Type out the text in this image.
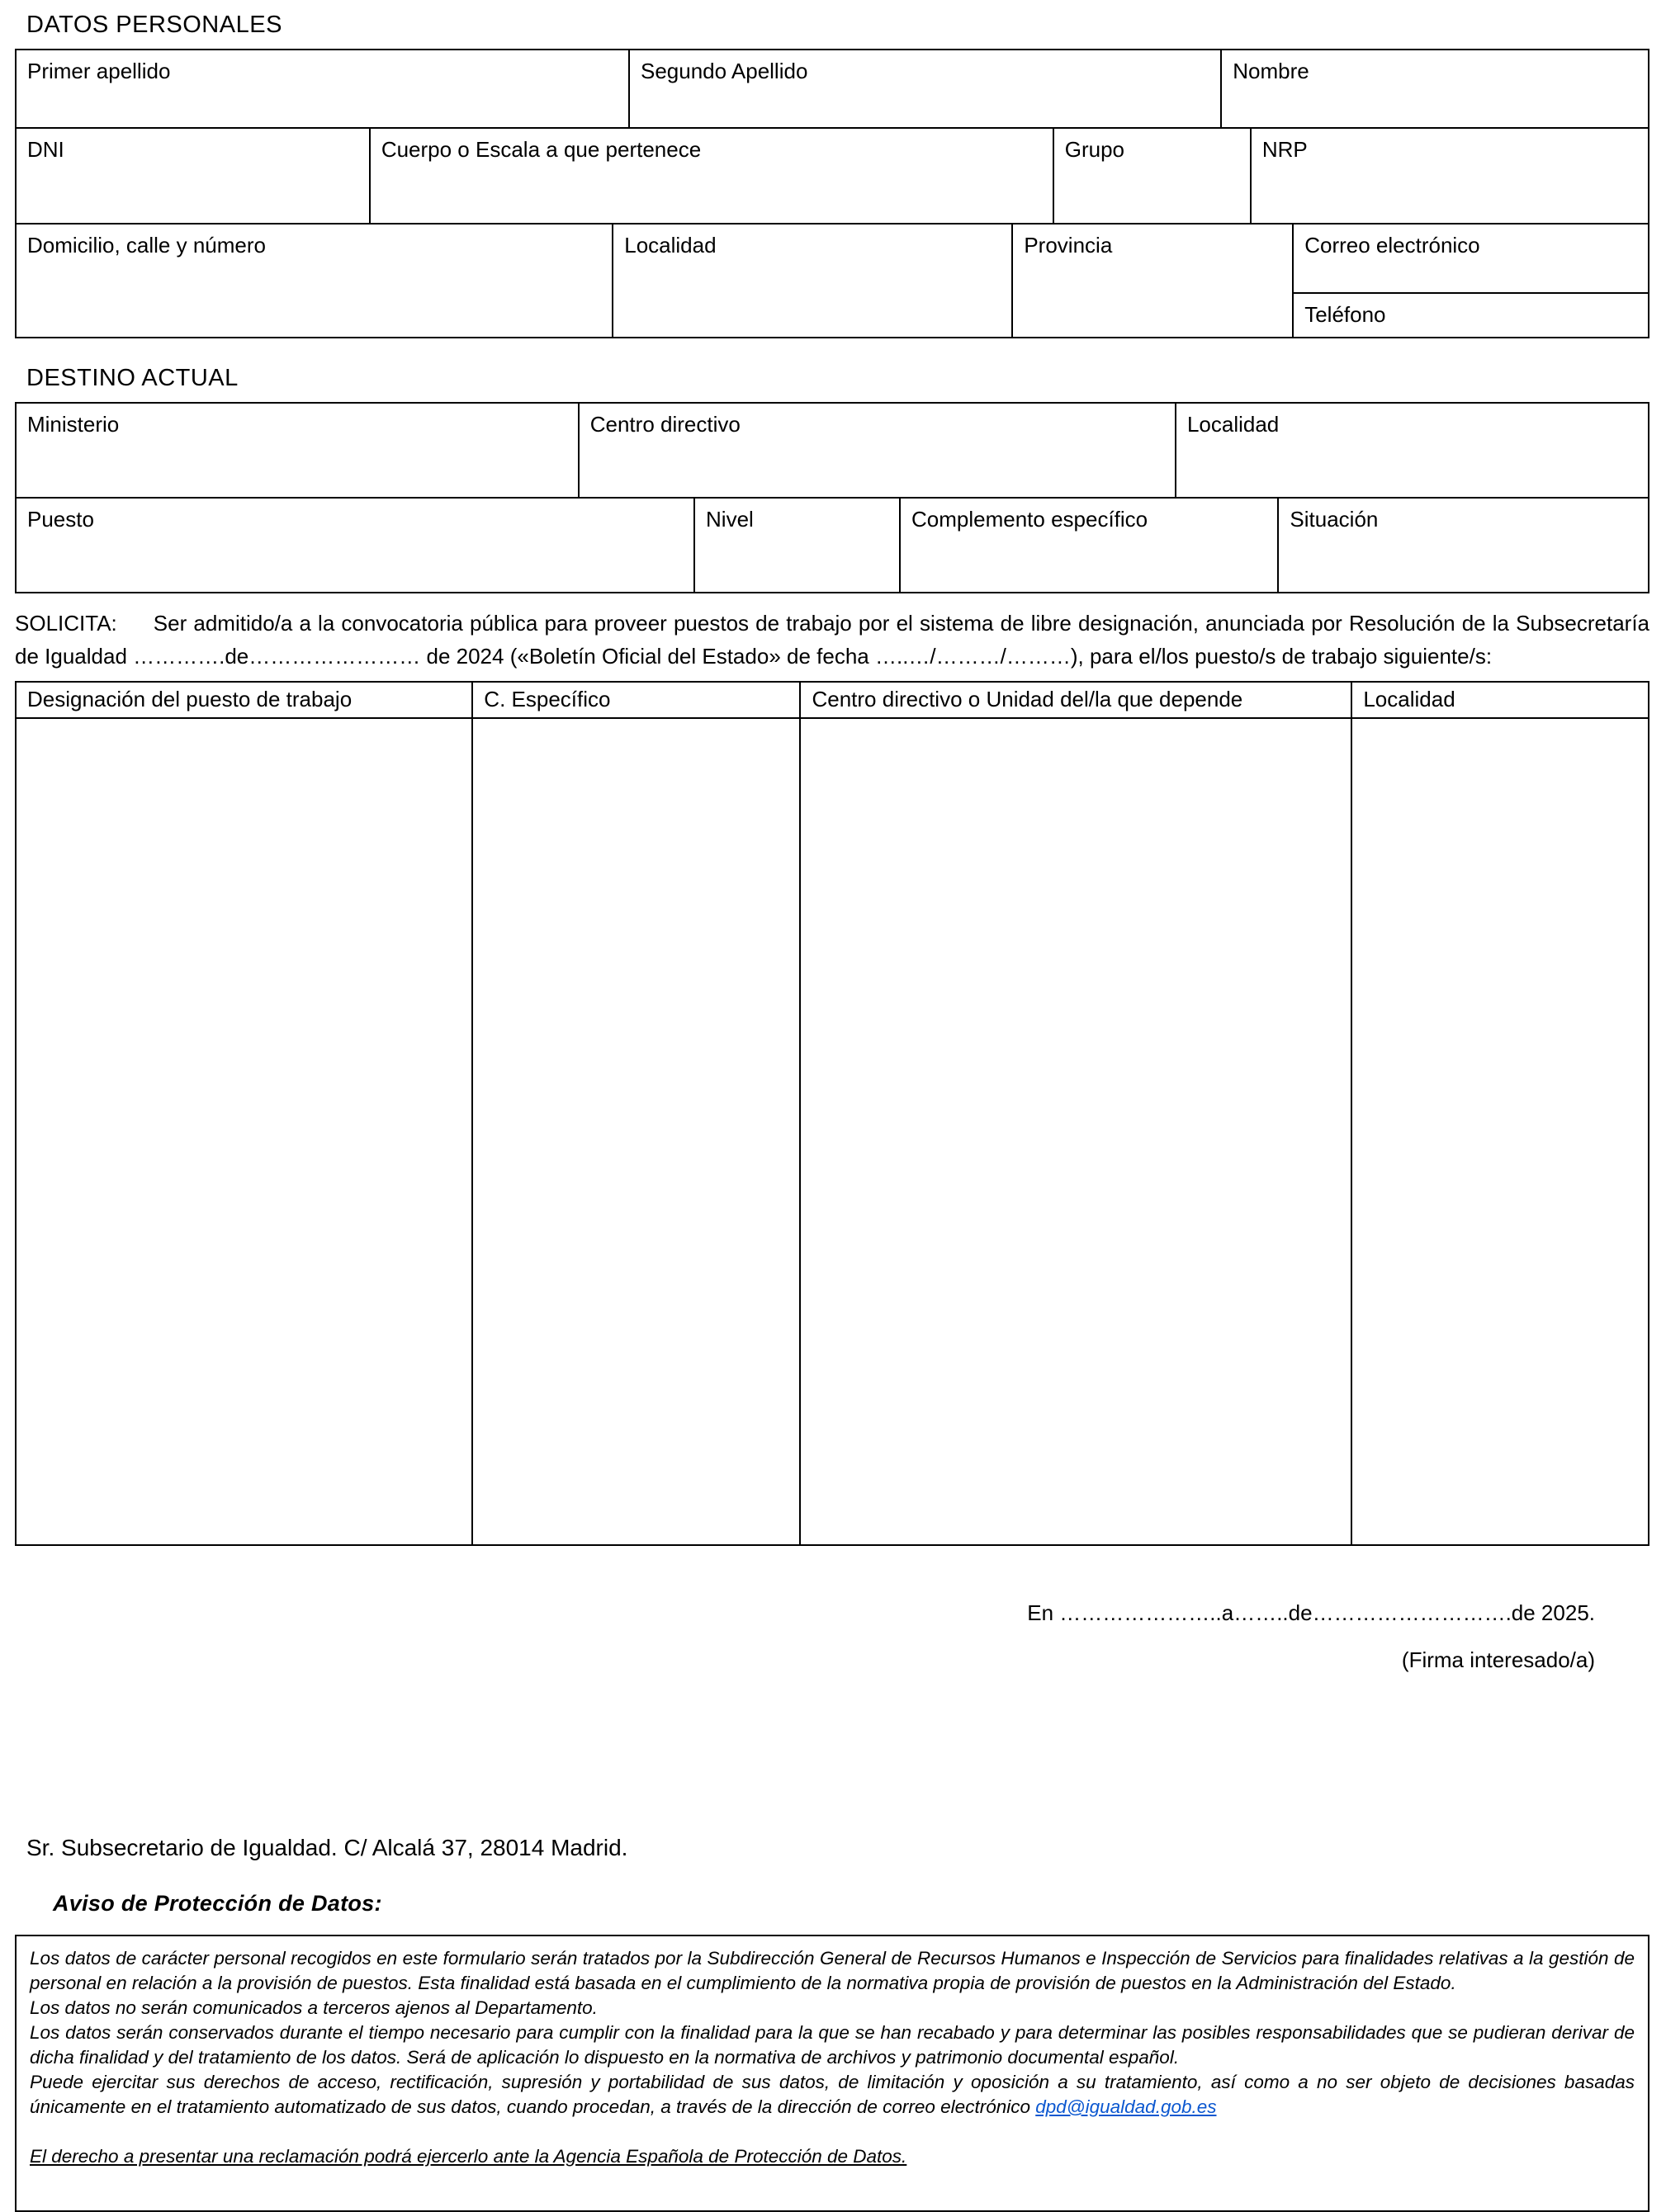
DATOS PERSONALES
Primer apellido	Segundo Apellido	Nombre
DNI	Cuerpo o Escala a que pertenece	Grupo	NRP
Domicilio, calle y número	Localidad	Provincia	Correo electrónico
Teléfono
DESTINO ACTUAL
Ministerio	Centro directivo	Localidad
Puesto	Nivel	Complemento específico	Situación

SOLICITA: Ser admitido/a a la convocatoria pública para proveer puestos de trabajo por el sistema de libre designación, anunciada por Resolución de la Subsecretaría de Igualdad ………….de…………………… de 2024 («Boletín Oficial del Estado» de fecha …..…/………/………), para el/los puesto/s de trabajo siguiente/s:

Designación del puesto de trabajo	C. Específico	Centro directivo o Unidad del/la que depende	Localidad

En …………………..a……..de……………………….de 2025.

(Firma interesado/a)

Sr. Subsecretario de Igualdad. C/ Alcalá 37, 28014 Madrid.

Aviso de Protección de Datos:

Los datos de carácter personal recogidos en este formulario serán tratados por la Subdirección General de Recursos Humanos e Inspección de Servicios para finalidades relativas a la gestión de personal en relación a la provisión de puestos. Esta finalidad está basada en el cumplimiento de la normativa propia de provisión de puestos en la Administración del Estado.

Los datos no serán comunicados a terceros ajenos al Departamento.

Los datos serán conservados durante el tiempo necesario para cumplir con la finalidad para la que se han recabado y para determinar las posibles responsabilidades que se pudieran derivar de dicha finalidad y del tratamiento de los datos. Será de aplicación lo dispuesto en la normativa de archivos y patrimonio documental español.

Puede ejercitar sus derechos de acceso, rectificación, supresión y portabilidad de sus datos, de limitación y oposición a su tratamiento, así como a no ser objeto de decisiones basadas únicamente en el tratamiento automatizado de sus datos, cuando procedan, a través de la dirección de correo electrónico dpd@igualdad.gob.es

El derecho a presentar una reclamación podrá ejercerlo ante la Agencia Española de Protección de Datos.
